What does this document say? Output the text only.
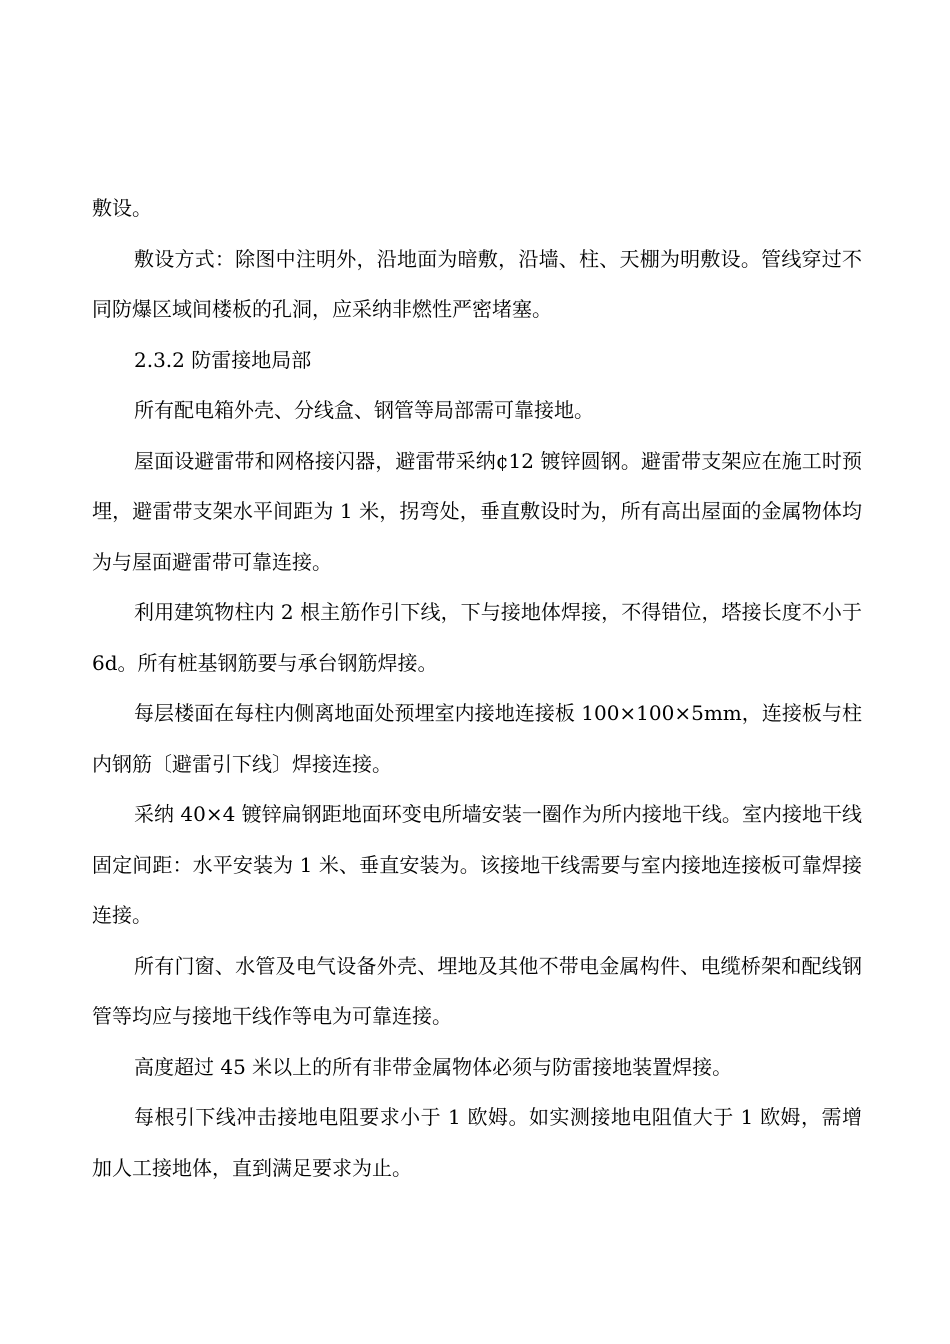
敷设。

敷设方式：除图中注明外，沿地面为暗敷，沿墙、柱、天棚为明敷设。管线穿过不同防爆区域间楼板的孔洞，应采纳非燃性严密堵塞。

2.3.2 防雷接地局部

所有配电箱外壳、分线盒、钢管等局部需可靠接地。

屋面设避雷带和网格接闪器，避雷带采纳¢12 镀锌圆钢。避雷带支架应在施工时预埋，避雷带支架水平间距为 1 米，拐弯处，垂直敷设时为，所有高出屋面的金属物体均为与屋面避雷带可靠连接。

利用建筑物柱内 2 根主筋作引下线，下与接地体焊接，不得错位，塔接长度不小于 6d。所有桩基钢筋要与承台钢筋焊接。

每层楼面在每柱内侧离地面处预埋室内接地连接板 100×100×5mm，连接板与柱内钢筋〔避雷引下线〕焊接连接。

采纳 40×4 镀锌扁钢距地面环变电所墙安装一圈作为所内接地干线。室内接地干线固定间距：水平安装为 1 米、垂直安装为。该接地干线需要与室内接地连接板可靠焊接连接。

所有门窗、水管及电气设备外壳、埋地及其他不带电金属构件、电缆桥架和配线钢管等均应与接地干线作等电为可靠连接。

高度超过 45 米以上的所有非带金属物体必须与防雷接地装置焊接。

每根引下线冲击接地电阻要求小于 1 欧姆。如实测接地电阻值大于 1 欧姆，需增加人工接地体，直到满足要求为止。
